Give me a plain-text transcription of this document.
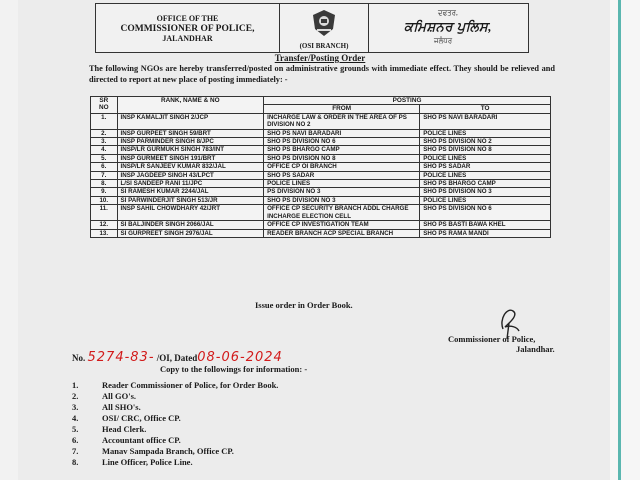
OFFICE OF THE
COMMISSIONER OF POLICE,
JALANDHAR
(OSI BRANCH)
ਦਫਤਰ,
ਕਮਿਸ਼ਨਰ ਪੁਲਿਸ,
ਜਲੰਧਰ
Transfer/Posting Order
The following NGOs are hereby transferred/posted on administrative grounds with immediate effect. They should be relieved and directed to report at new place of posting immediately: -
SR NO	RANK, NAME & NO	POSTING	
		FROM	TO
1.	INSP KAMALJIT SINGH 2/JCP	INCHARGE LAW & ORDER IN THE AREA OF PS DIVISION NO 2	SHO PS NAVI BARADARI
2.	INSP GURPEET SINGH 59/BRT	SHO PS NAVI BARADARI	POLICE LINES
3.	INSP PARMINDER SINGH 8/JPC	SHO PS DIVISION NO 6	SHO PS DIVISION NO 2
4.	INSP/LR GURMUKH SINGH 783/INT	SHO PS BHARGO CAMP	SHO PS DIVISION NO 8
5.	INSP GURMEET SINGH 191/BRT	SHO PS DIVISION NO 8	POLICE LINES
6.	INSP/LR SANJEEV KUMAR 832/JAL	OFFICE CP OI BRANCH	SHO PS SADAR
7.	INSP JAGDEEP SINGH 43/LPCT	SHO PS SADAR	POLICE LINES
8.	L/SI SANDEEP RANI 11/JPC	POLICE LINES	SHO PS BHARGO CAMP
9.	SI RAMESH KUMAR 2244/JAL	PS DIVISION NO 3	SHO PS DIVISION NO 3
10.	SI PARWINDERJIT SINGH 513/JR	SHO PS DIVISION NO 3	POLICE LINES
11.	INSP SAHIL CHOWDHARY 42/JRT	OFFICE CP SECURITY BRANCH ADDL CHARGE INCHARGE ELECTION CELL	SHO PS DIVISION NO 6
12.	SI BALJINDER SINGH 2066/JAL	OFFICE CP INVESTIGATION TEAM	SHO PS BASTI BAWA KHEL
13.	SI GURPREET SINGH 2976/JAL	READER BRANCH ACP SPECIAL BRANCH	SHO PS RAMA MANDI
Issue order in Order Book.
Commissioner of Police,
Jalandhar.
No. 5274-83- /OI, Dated08-06-2024
Copy to the followings for information: -
1.	Reader Commissioner of Police, for Order Book.
2.	All GO's.
3.	All SHO's.
4.	OSI/ CRC, Office CP.
5.	Head Clerk.
6.	Accountant office CP.
7.	Manav Sampada Branch, Office CP.
8.	Line Officer, Police Line.
